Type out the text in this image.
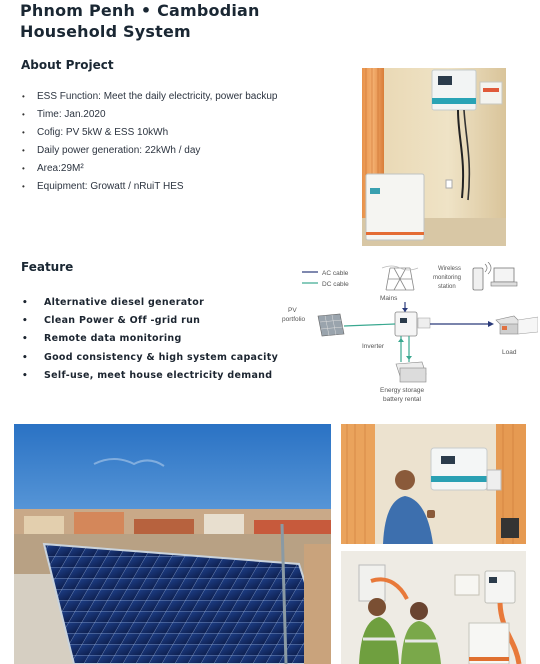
Phnom Penh • Cambodian
Household System
About Project
• ESS Function: Meet the daily electricity, power backup
• Time: Jan.2020
• Cofig: PV 5kW & ESS 10kWh
• Daily power generation: 22kWh / day
• Area:29M²
• Equipment: Growatt / nRuiT HES
Feature
• Alternative diesel generator
• Clean Power & Off -grid run
• Remote data monitoring
• Good consistency & high system capacity
• Self-use, meet house electricity demand
AC cable
DC cable
Mains
Wireless
monitoring
station
PV
portfolio
Inverter
Load
Energy storage
battery rental
